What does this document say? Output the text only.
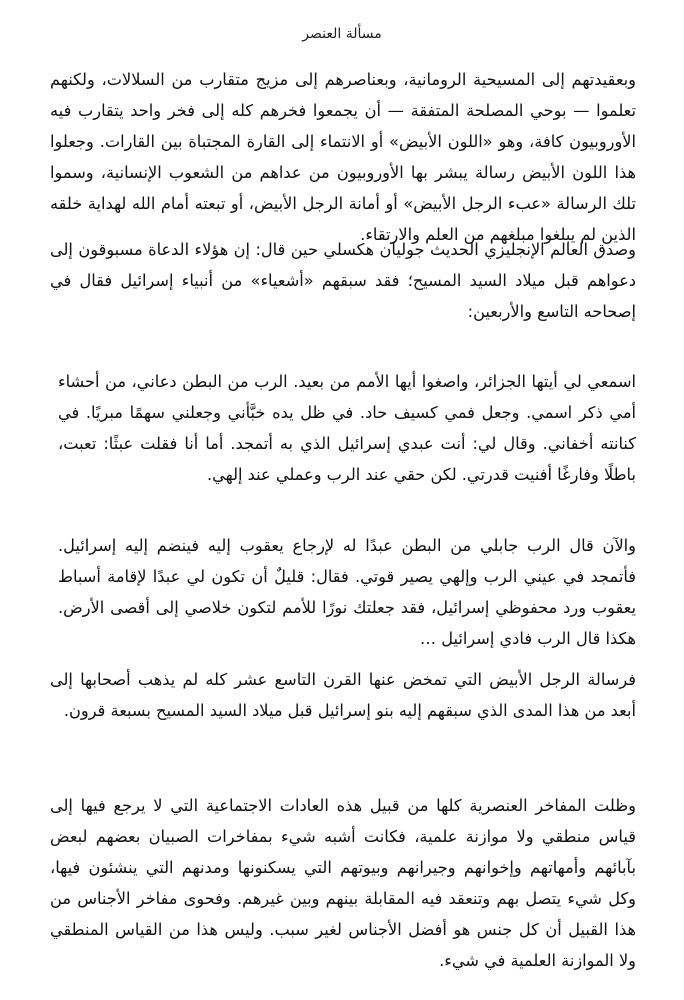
مسألة العنصر
وبعقيدتهم إلى المسيحية الرومانية، وبعناصرهم إلى مزيج متقارب من السلالات، ولكنهم تعلموا — بوحي المصلحة المتفقة — أن يجمعوا فخرهم كله إلى فخر واحد يتقارب فيه الأوروبيون كافة، وهو «اللون الأبيض» أو الانتماء إلى القارة المجتباة بين القارات. وجعلوا هذا اللون الأبيض رسالة يبشر بها الأوروبيون من عداهم من الشعوب الإنسانية، وسموا تلك الرسالة «عبء الرجل الأبيض» أو أمانة الرجل الأبيض، أو تبعته أمام الله لهداية خلقه الذين لم يبلغوا مبلغهم من العلم والارتقاء.
وصدق العالم الإنجليزي الحديث جوليان هكسلي حين قال: إن هؤلاء الدعاة مسبوقون إلى دعواهم قبل ميلاد السيد المسيح؛ فقد سبقهم «أشعياء» من أنبياء إسرائيل فقال في إصحاحه التاسع والأربعين:
اسمعي لي أيتها الجزائر، واصغوا أيها الأمم من بعيد. الرب من البطن دعاني، من أحشاء أمي ذكر اسمي. وجعل فمي كسيف حاد. في ظل يده خبَّأني وجعلني سهمًا مبريًا. في كنانته أخفاني. وقال لي: أنت عبدي إسرائيل الذي به أتمجد. أما أنا فقلت عبثًا: تعبت، باطلًا وفارغًا أفنيت قدرتي. لكن حقي عند الرب وعملي عند إلهي.
والآن قال الرب جابلي من البطن عبدًا له لإرجاع يعقوب إليه فينضم إليه إسرائيل. فأتمجد في عيني الرب وإلهي يصير قوتي. فقال: قليلٌ أن تكون لي عبدًا لإقامة أسباط يعقوب ورد محفوظي إسرائيل، فقد جعلتك نورًا للأمم لتكون خلاصي إلى أقصى الأرض. هكذا قال الرب فادي إسرائيل …
فرسالة الرجل الأبيض التي تمخض عنها القرن التاسع عشر كله لم يذهب أصحابها إلى أبعد من هذا المدى الذي سبقهم إليه بنو إسرائيل قبل ميلاد السيد المسيح بسبعة قرون.
وظلت المفاخر العنصرية كلها من قبيل هذه العادات الاجتماعية التي لا يرجع فيها إلى قياس منطقي ولا موازنة علمية، فكانت أشبه شيء بمفاخرات الصبيان بعضهم لبعض بآبائهم وأمهاتهم وإخوانهم وجيرانهم وبيوتهم التي يسكنونها ومدنهم التي ينشئون فيها، وكل شيء يتصل بهم وتنعقد فيه المقابلة بينهم وبين غيرهم. وفحوى مفاخر الأجناس من هذا القبيل أن كل جنس هو أفضل الأجناس لغير سبب. وليس هذا من القياس المنطقي ولا الموازنة العلمية في شيء.
